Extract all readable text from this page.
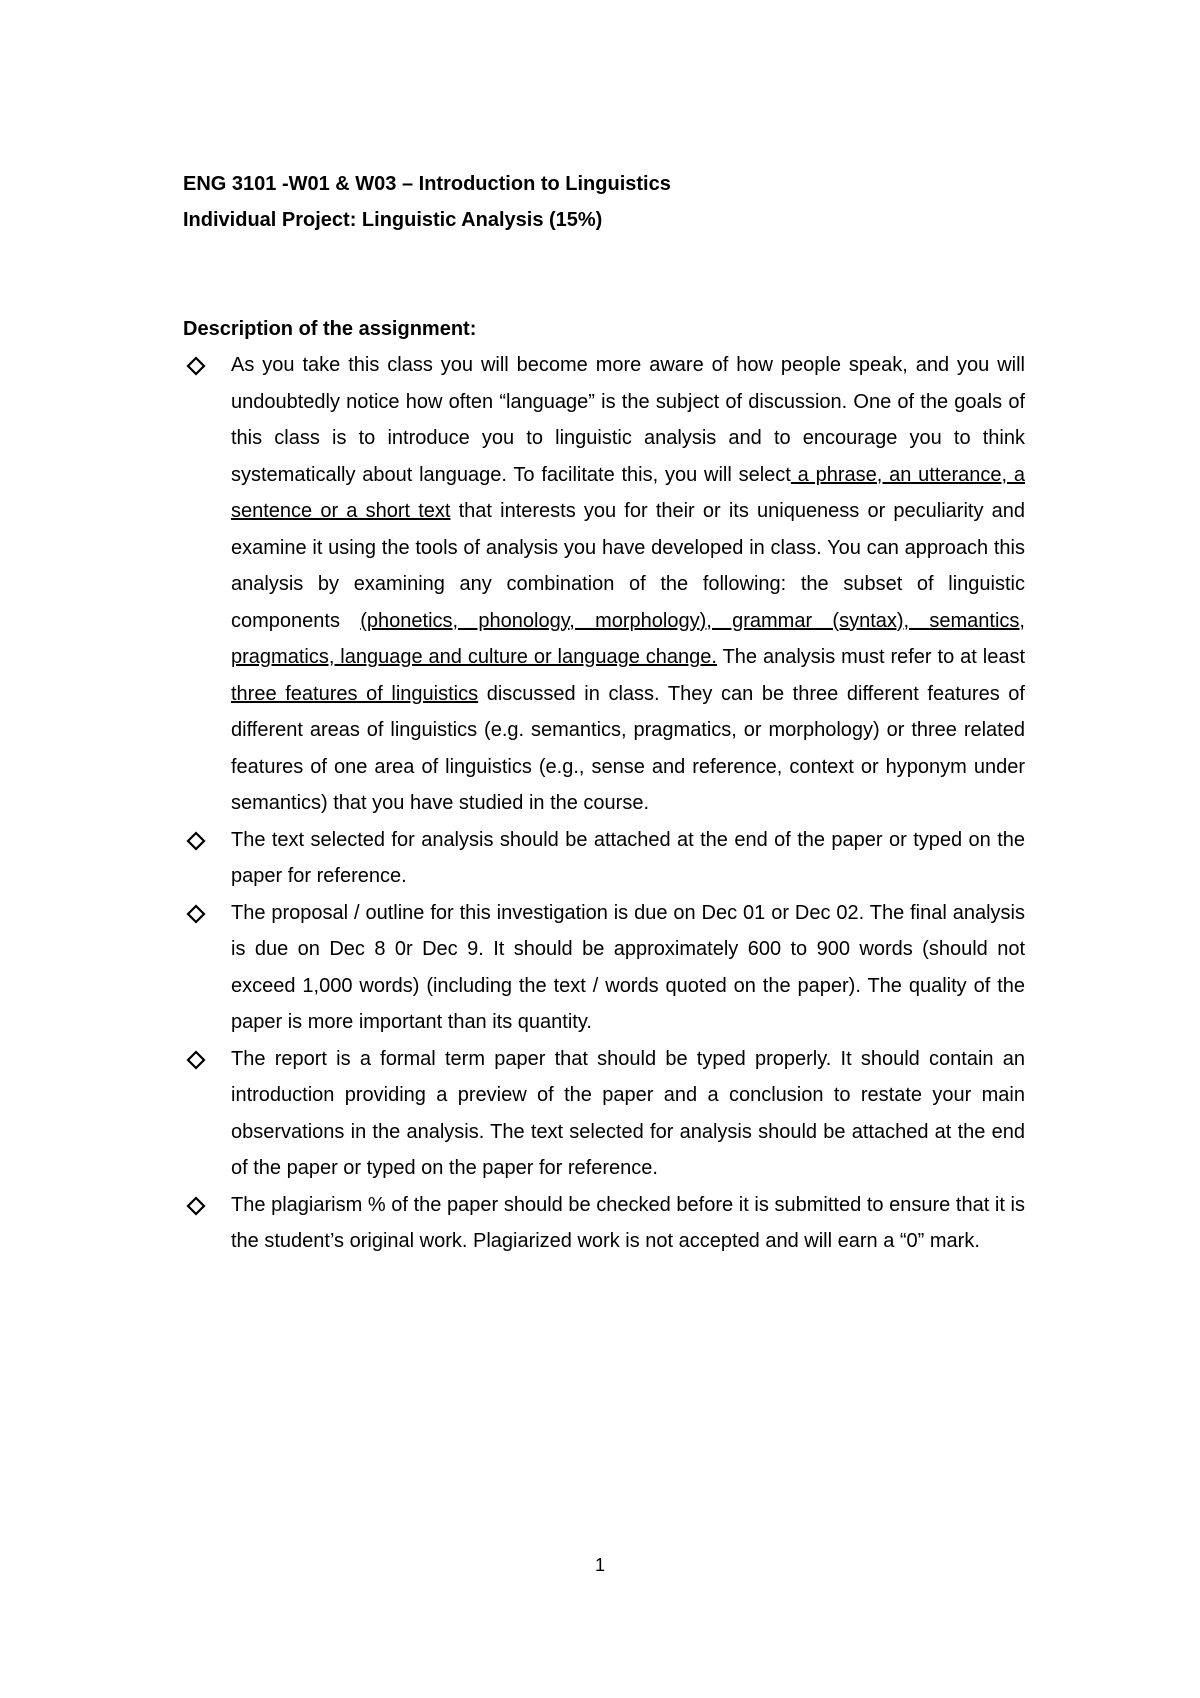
ENG 3101 -W01 & W03 – Introduction to Linguistics
Individual Project: Linguistic Analysis (15%)
Description of the assignment:
As you take this class you will become more aware of how people speak, and you will undoubtedly notice how often “language” is the subject of discussion. One of the goals of this class is to introduce you to linguistic analysis and to encourage you to think systematically about language. To facilitate this, you will select a phrase, an utterance, a sentence or a short text that interests you for their or its uniqueness or peculiarity and examine it using the tools of analysis you have developed in class. You can approach this analysis by examining any combination of the following: the subset of linguistic components (phonetics, phonology, morphology), grammar (syntax), semantics, pragmatics, language and culture or language change. The analysis must refer to at least three features of linguistics discussed in class. They can be three different features of different areas of linguistics (e.g. semantics, pragmatics, or morphology) or three related features of one area of linguistics (e.g., sense and reference, context or hyponym under semantics) that you have studied in the course.
The text selected for analysis should be attached at the end of the paper or typed on the paper for reference.
The proposal / outline for this investigation is due on Dec 01 or Dec 02. The final analysis is due on Dec 8 0r Dec 9. It should be approximately 600 to 900 words (should not exceed 1,000 words) (including the text / words quoted on the paper). The quality of the paper is more important than its quantity.
The report is a formal term paper that should be typed properly. It should contain an introduction providing a preview of the paper and a conclusion to restate your main observations in the analysis. The text selected for analysis should be attached at the end of the paper or typed on the paper for reference.
The plagiarism % of the paper should be checked before it is submitted to ensure that it is the student’s original work. Plagiarized work is not accepted and will earn a “0” mark.
1
